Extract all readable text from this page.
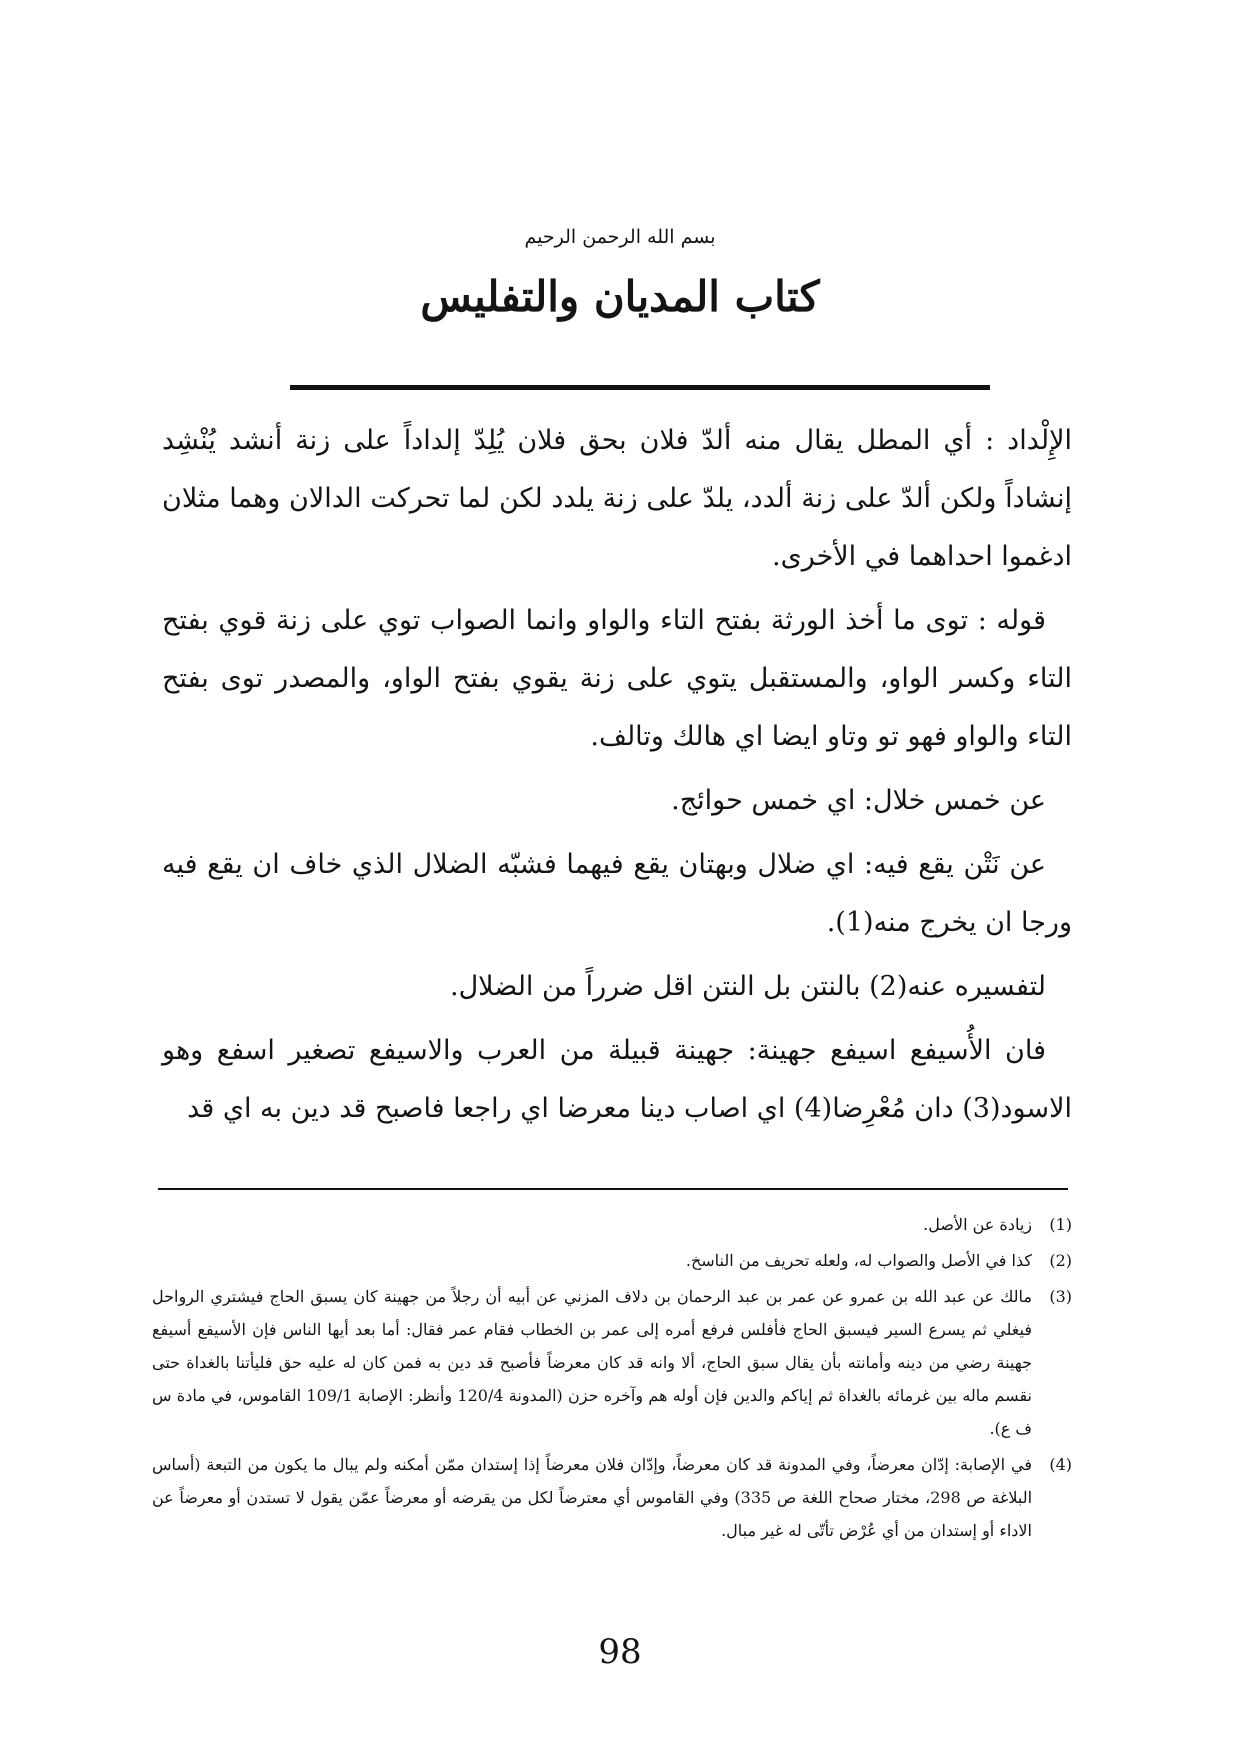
بسم الله الرحمن الرحيم
كتاب المديان والتفليس

الإِلْداد : أي المطل يقال منه ألدّ فلان بحق فلان يُلِدّ إلداداً على زنة أنشد يُنْشِد إنشاداً ولكن ألدّ على زنة ألدد، يلدّ على زنة يلدد لكن لما تحركت الدالان وهما مثلان ادغموا احداهما في الأخرى.

قوله : توى ما أخذ الورثة بفتح التاء والواو وانما الصواب توي على زنة قوي بفتح التاء وكسر الواو، والمستقبل يتوي على زنة يقوي بفتح الواو، والمصدر توى بفتح التاء والواو فهو تو وتاو ايضا اي هالك وتالف.

عن خمس خلال: اي خمس حوائج.

عن نَتْن يقع فيه: اي ضلال وبهتان يقع فيهما فشبّه الضلال الذي خاف ان يقع فيه ورجا ان يخرج منه(1).

لتفسيره عنه(2) بالنتن بل النتن اقل ضرراً من الضلال.

فان الأُسيفع اسيفع جهينة: جهينة قبيلة من العرب والاسيفع تصغير اسفع وهو الاسود(3) دان مُعْرِضا(4) اي اصاب دينا معرضا اي راجعا فاصبح قد دين به اي قد

(1)
زيادة عن الأصل.
(2)
كذا في الأصل والصواب له، ولعله تحريف من الناسخ.
(3)
مالك عن عبد الله بن عمرو عن عمر بن عبد الرحمان بن دلاف المزني عن أبيه أن رجلاً من جهينة كان يسبق الحاج فيشتري الرواحل فيغلي ثم يسرع السير فيسبق الحاج فأفلس فرفع أمره إلى عمر بن الخطاب فقام عمر فقال: أما بعد أيها الناس فإن الأسيفع أسيفع جهينة رضي من دينه وأمانته بأن يقال سبق الحاج، ألا وانه قد كان معرضاً فأصبح قد دين به فمن كان له عليه حق فليأتنا بالغداة حتى نقسم ماله بين غرمائه بالغداة ثم إياكم والدين فإن أوله هم وآخره حزن (المدونة 120/4 وأنظر: الإصابة 109/1 القاموس، في مادة س ف ع).
(4)
في الإصابة: إدّان معرضاً، وفي المدونة قد كان معرضاً، وإدّان فلان معرضاً إذا إستدان ممّن أمكنه ولم يبال ما يكون من التبعة (أساس البلاغة ص 298، مختار صحاح اللغة ص 335) وفي القاموس أي معترضاً لكل من يقرضه أو معرضاً عمّن يقول لا تستدن أو معرضاً عن الاداء أو إستدان من أي عُرْض تأتّى له غير مبال.
98
